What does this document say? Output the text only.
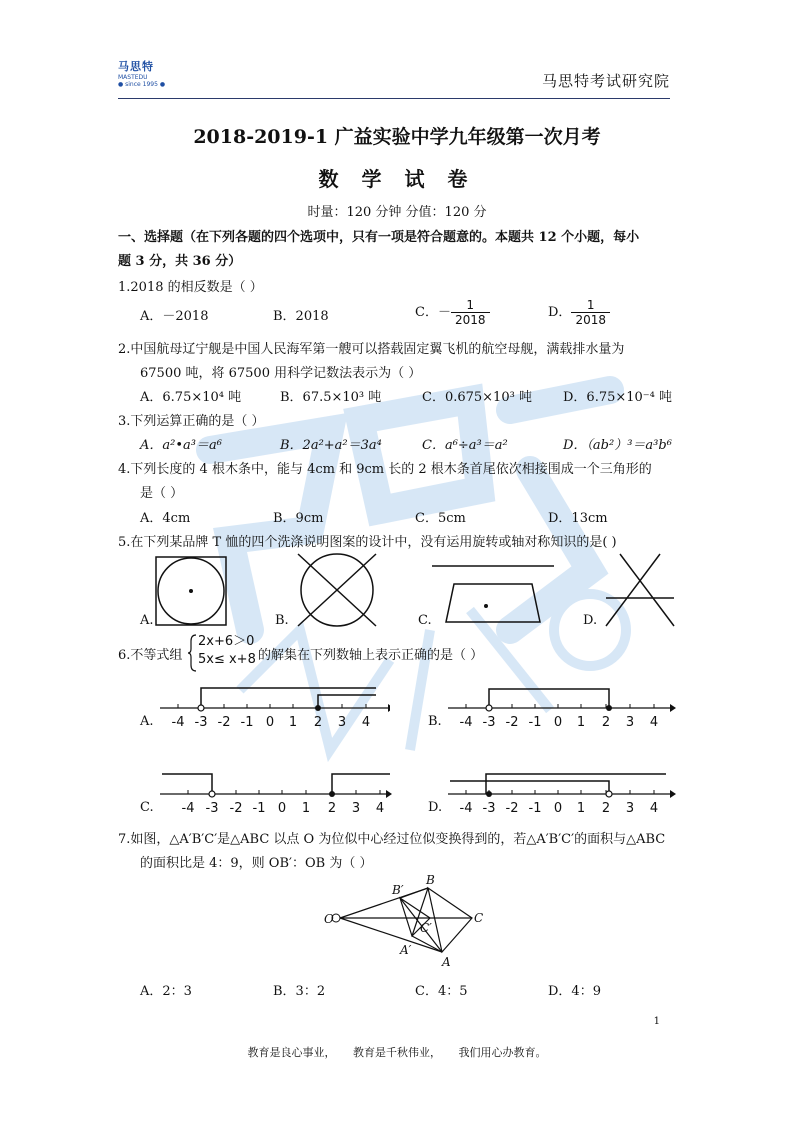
马思特
MASTEDU
● since 1995 ●	马思特考试研究院
2018-2019-1 广益实验中学九年级第一次月考
数 学 试 卷
时量：120 分钟 分值：120 分
一、选择题（在下列各题的四个选项中，只有一项是符合题意的。本题共 12 个小题，每小
题 3 分，共 36 分）
1.2018 的相反数是（ ）
A．－2018	B．2018	C．－ $\frac{1}{2018}$	D． $\frac{1}{2018}$
2.中国航母辽宁舰是中国人民海军第一艘可以搭载固定翼飞机的航空母舰，满载排水量为
67500 吨，将 67500 用科学记数法表示为（ ）
A．6.75×10⁴ 吨	B．67.5×10³ 吨	C．0.675×10³ 吨 D．6.75×10⁻⁴ 吨
3.下列运算正确的是（ ）
A．a²•a³＝a⁶	B．2a²+a²＝3a⁴	C．a⁶÷a³＝a²	D．（ab²）³＝a³b⁶
4.下列长度的 4 根木条中，能与 4cm 和 9cm 长的 2 根木条首尾依次相接围成一个三角形的
是（ ）
A．4cm	B．9cm	C．5cm	D．13cm
5.在下列某品牌 T 恤的四个洗涤说明图案的设计中，没有运用旋转或轴对称知识的是( )
A.	B.	C.	D.
6.不等式组
2x+6＞0
5x≤ x+8 的解集在下列数轴上表示正确的是（ ）
A. -4 -3 -2 -1 0 1 2 3 4	B. -4 -3 -2 -1 0 1 2 3 4
C. -4 -3 -2 -1 0 1 2 3 4	D. -4 -3 -2 -1 0 1 2 3 4
7.如图，△A′B′C′是△ABC 以点 O 为位似中心经过位似变换得到的，若△A′B′C′的面积与△ABC
的面积比是 4：9，则 OB′：OB 为（ ）
O
B
C
A
B′
C′
A′
A．2：3	B．3：2	C．4：5	D．4：9
1
教育是良心事业， 教育是千秋伟业， 我们用心办教育。
